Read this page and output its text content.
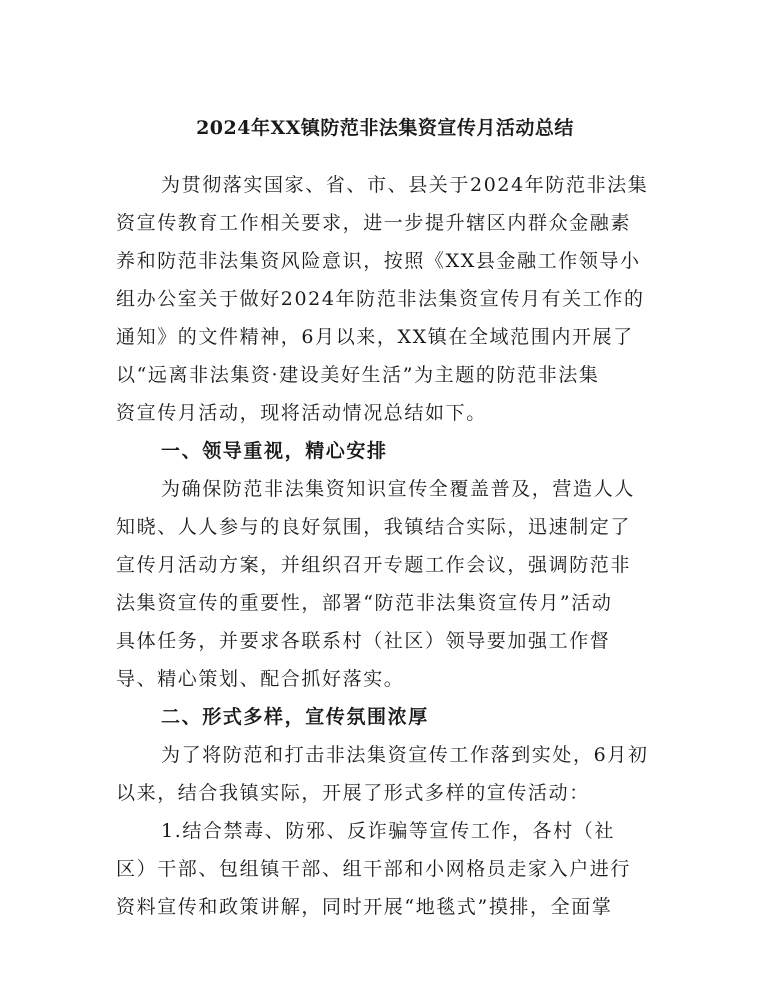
2024年XX镇防范非法集资宣传月活动总结
为贯彻落实国家、省、市、县关于2024年防范非法集
资宣传教育工作相关要求，进一步提升辖区内群众金融素
养和防范非法集资风险意识，按照《XX县金融工作领导小
组办公室关于做好2024年防范非法集资宣传月有关工作的
通知》的文件精神，6月以来，XX镇在全域范围内开展了
以“远离非法集资·建设美好生活”为主题的防范非法集
资宣传月活动，现将活动情况总结如下。
一、领导重视，精心安排
为确保防范非法集资知识宣传全覆盖普及，营造人人
知晓、人人参与的良好氛围，我镇结合实际，迅速制定了
宣传月活动方案，并组织召开专题工作会议，强调防范非
法集资宣传的重要性，部署“防范非法集资宣传月”活动
具体任务，并要求各联系村（社区）领导要加强工作督
导、精心策划、配合抓好落实。
二、形式多样，宣传氛围浓厚
为了将防范和打击非法集资宣传工作落到实处，6月初
以来，结合我镇实际，开展了形式多样的宣传活动：
1.结合禁毒、防邪、反诈骗等宣传工作，各村（社
区）干部、包组镇干部、组干部和小网格员走家入户进行
资料宣传和政策讲解，同时开展“地毯式”摸排，全面掌
